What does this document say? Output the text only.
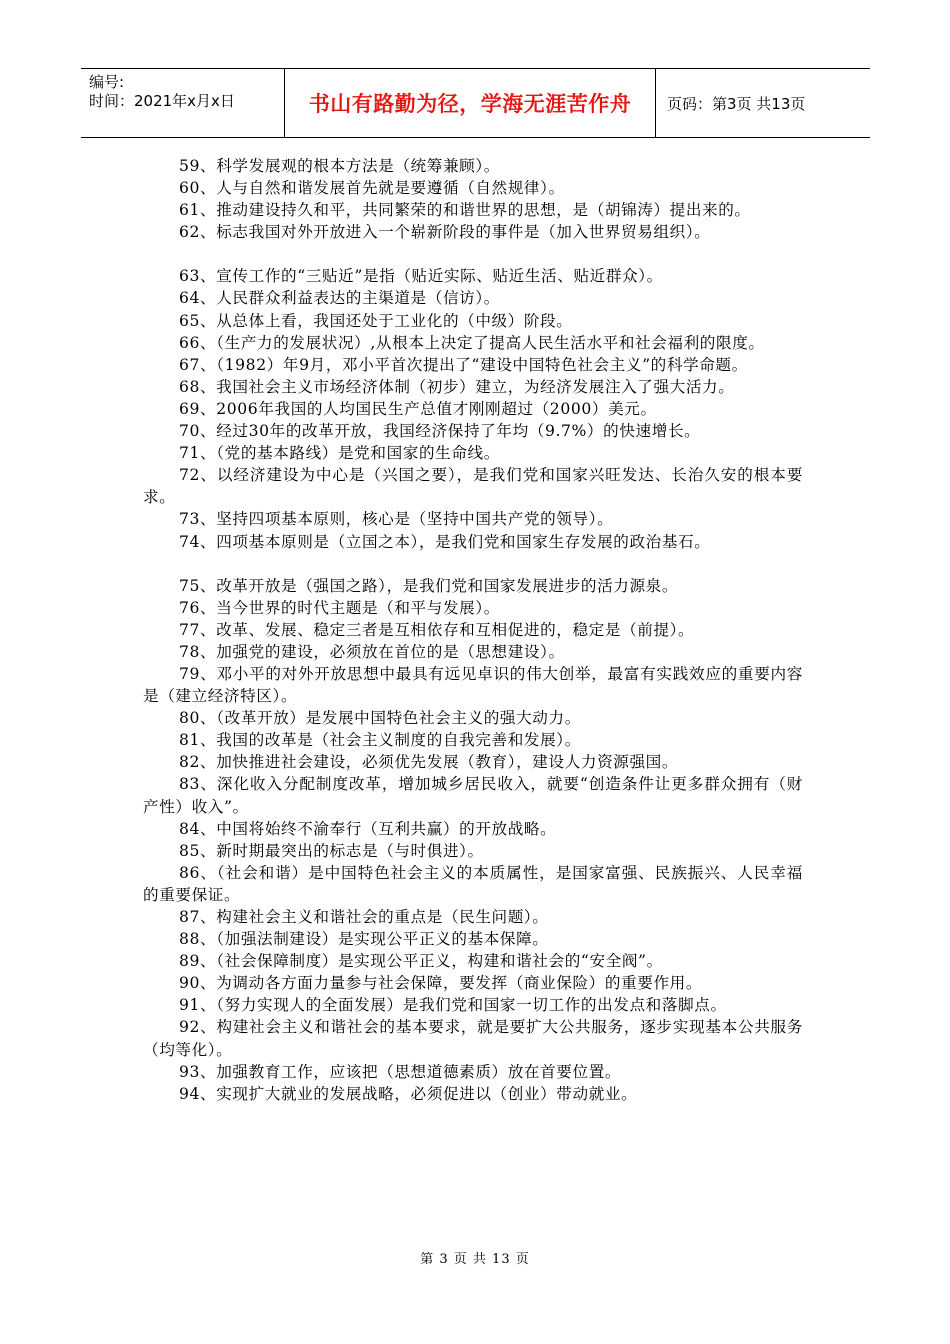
编号:
时间：2021年x月x日	书山有路勤为径，学海无涯苦作舟	页码：第3页 共13页
59、科学发展观的根本方法是（统筹兼顾）。
60、人与自然和谐发展首先就是要遵循（自然规律）。
61、推动建设持久和平，共同繁荣的和谐世界的思想，是（胡锦涛）提出来的。
62、标志我国对外开放进入一个崭新阶段的事件是（加入世界贸易组织）。
63、宣传工作的“三贴近”是指（贴近实际、贴近生活、贴近群众）。
64、人民群众利益表达的主渠道是（信访）。
65、从总体上看，我国还处于工业化的（中级）阶段。
66、（生产力的发展状况）,从根本上决定了提高人民生活水平和社会福利的限度。
67、（1982）年9月，邓小平首次提出了“建设中国特色社会主义”的科学命题。
68、我国社会主义市场经济体制（初步）建立，为经济发展注入了强大活力。
69、2006年我国的人均国民生产总值才刚刚超过（2000）美元。
70、经过30年的改革开放，我国经济保持了年均（9.7%）的快速增长。
71、（党的基本路线）是党和国家的生命线。
72、以经济建设为中心是（兴国之要），是我们党和国家兴旺发达、长治久安的根本要求。
73、坚持四项基本原则，核心是（坚持中国共产党的领导）。
74、四项基本原则是（立国之本），是我们党和国家生存发展的政治基石。
75、改革开放是（强国之路），是我们党和国家发展进步的活力源泉。
76、当今世界的时代主题是（和平与发展）。
77、改革、发展、稳定三者是互相依存和互相促进的，稳定是（前提）。
78、加强党的建设，必须放在首位的是（思想建设）。
79、邓小平的对外开放思想中最具有远见卓识的伟大创举，最富有实践效应的重要内容是（建立经济特区）。
80、（改革开放）是发展中国特色社会主义的强大动力。
81、我国的改革是（社会主义制度的自我完善和发展）。
82、加快推进社会建设，必须优先发展（教育），建设人力资源强国。
83、深化收入分配制度改革，增加城乡居民收入，就要“创造条件让更多群众拥有（财产性）收入”。
84、中国将始终不渝奉行（互利共赢）的开放战略。
85、新时期最突出的标志是（与时俱进）。
86、（社会和谐）是中国特色社会主义的本质属性，是国家富强、民族振兴、人民幸福的重要保证。
87、构建社会主义和谐社会的重点是（民生问题）。
88、（加强法制建设）是实现公平正义的基本保障。
89、（社会保障制度）是实现公平正义，构建和谐社会的“安全阀”。
90、为调动各方面力量参与社会保障，要发挥（商业保险）的重要作用。
91、（努力实现人的全面发展）是我们党和国家一切工作的出发点和落脚点。
92、构建社会主义和谐社会的基本要求，就是要扩大公共服务，逐步实现基本公共服务（均等化）。
93、加强教育工作，应该把（思想道德素质）放在首要位置。
94、实现扩大就业的发展战略，必须促进以（创业）带动就业。
第 3 页 共 13 页
